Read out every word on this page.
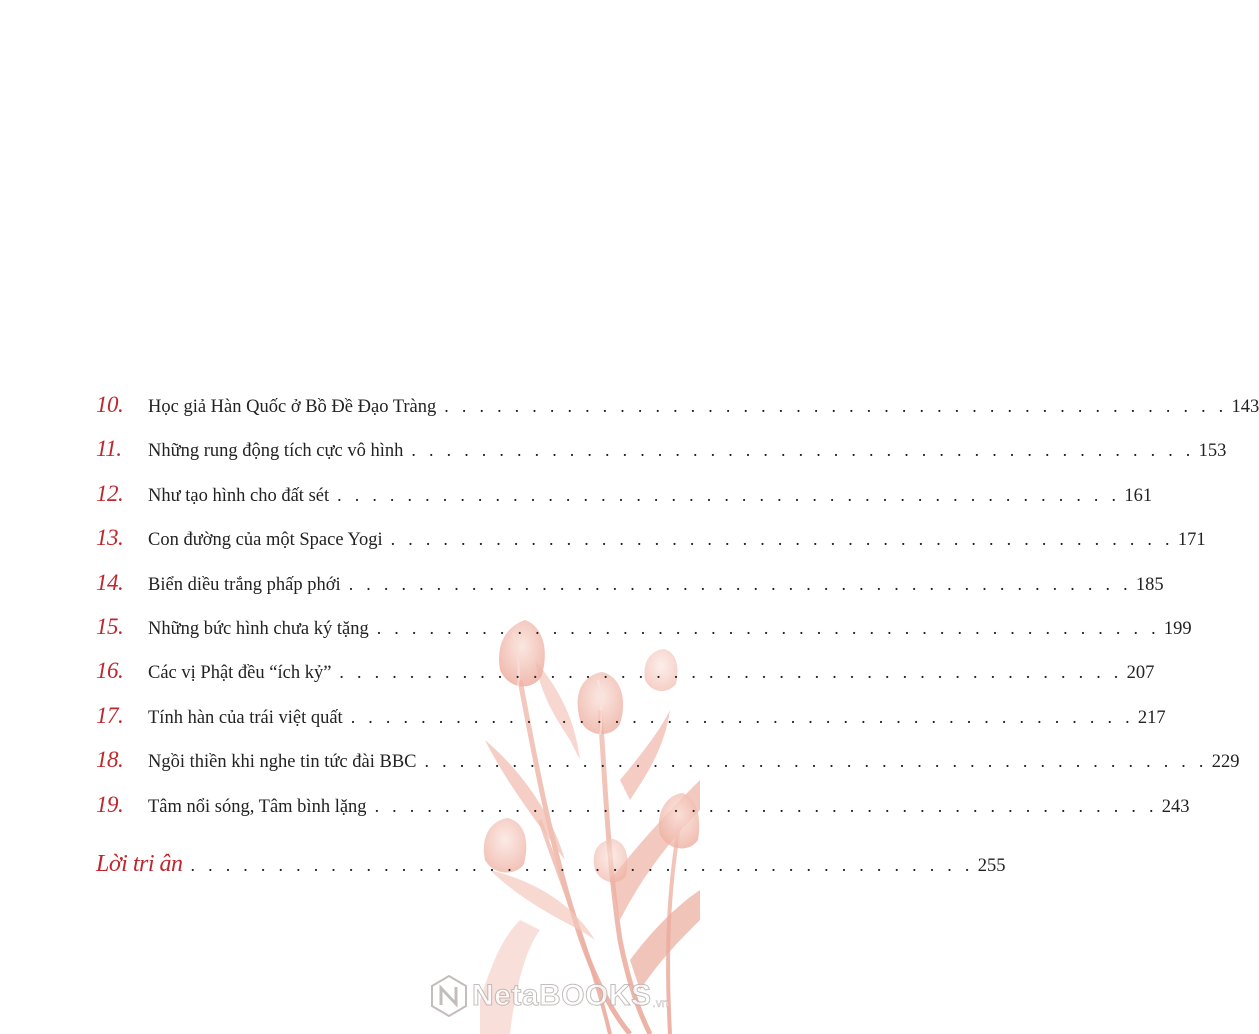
10.	Học giả Hàn Quốc ở Bồ Đề Đạo Tràng . . . . . . . . . . . . . . . . . . . . . . . . . . . . . . . . . . . . . . . . . . . . . 143
11.	Những rung động tích cực vô hình . . . . . . . . . . . . . . . . . . . . . . . . . . . . . . . . . . . . . . . . . . . . . 153
12.	Như tạo hình cho đất sét . . . . . . . . . . . . . . . . . . . . . . . . . . . . . . . . . . . . . . . . . . . . . 161
13.	Con đường của một Space Yogi . . . . . . . . . . . . . . . . . . . . . . . . . . . . . . . . . . . . . . . . . . . . . 171
14.	Biển diều trắng phấp phới . . . . . . . . . . . . . . . . . . . . . . . . . . . . . . . . . . . . . . . . . . . . . 185
15.	Những bức hình chưa ký tặng . . . . . . . . . . . . . . . . . . . . . . . . . . . . . . . . . . . . . . . . . . . . . 199
16.	Các vị Phật đều “ích kỷ” . . . . . . . . . . . . . . . . . . . . . . . . . . . . . . . . . . . . . . . . . . . . . 207
17.	Tính hàn của trái việt quất . . . . . . . . . . . . . . . . . . . . . . . . . . . . . . . . . . . . . . . . . . . . . 217
18.	Ngồi thiền khi nghe tin tức đài BBC . . . . . . . . . . . . . . . . . . . . . . . . . . . . . . . . . . . . . . . . . . . . . 229
19.	Tâm nổi sóng, Tâm bình lặng . . . . . . . . . . . . . . . . . . . . . . . . . . . . . . . . . . . . . . . . . . . . . 243
Lời tri ân . . . . . . . . . . . . . . . . . . . . . . . . . . . . . . . . . . . . . . . . . . . . . 255
NetaBOOKS .vn
